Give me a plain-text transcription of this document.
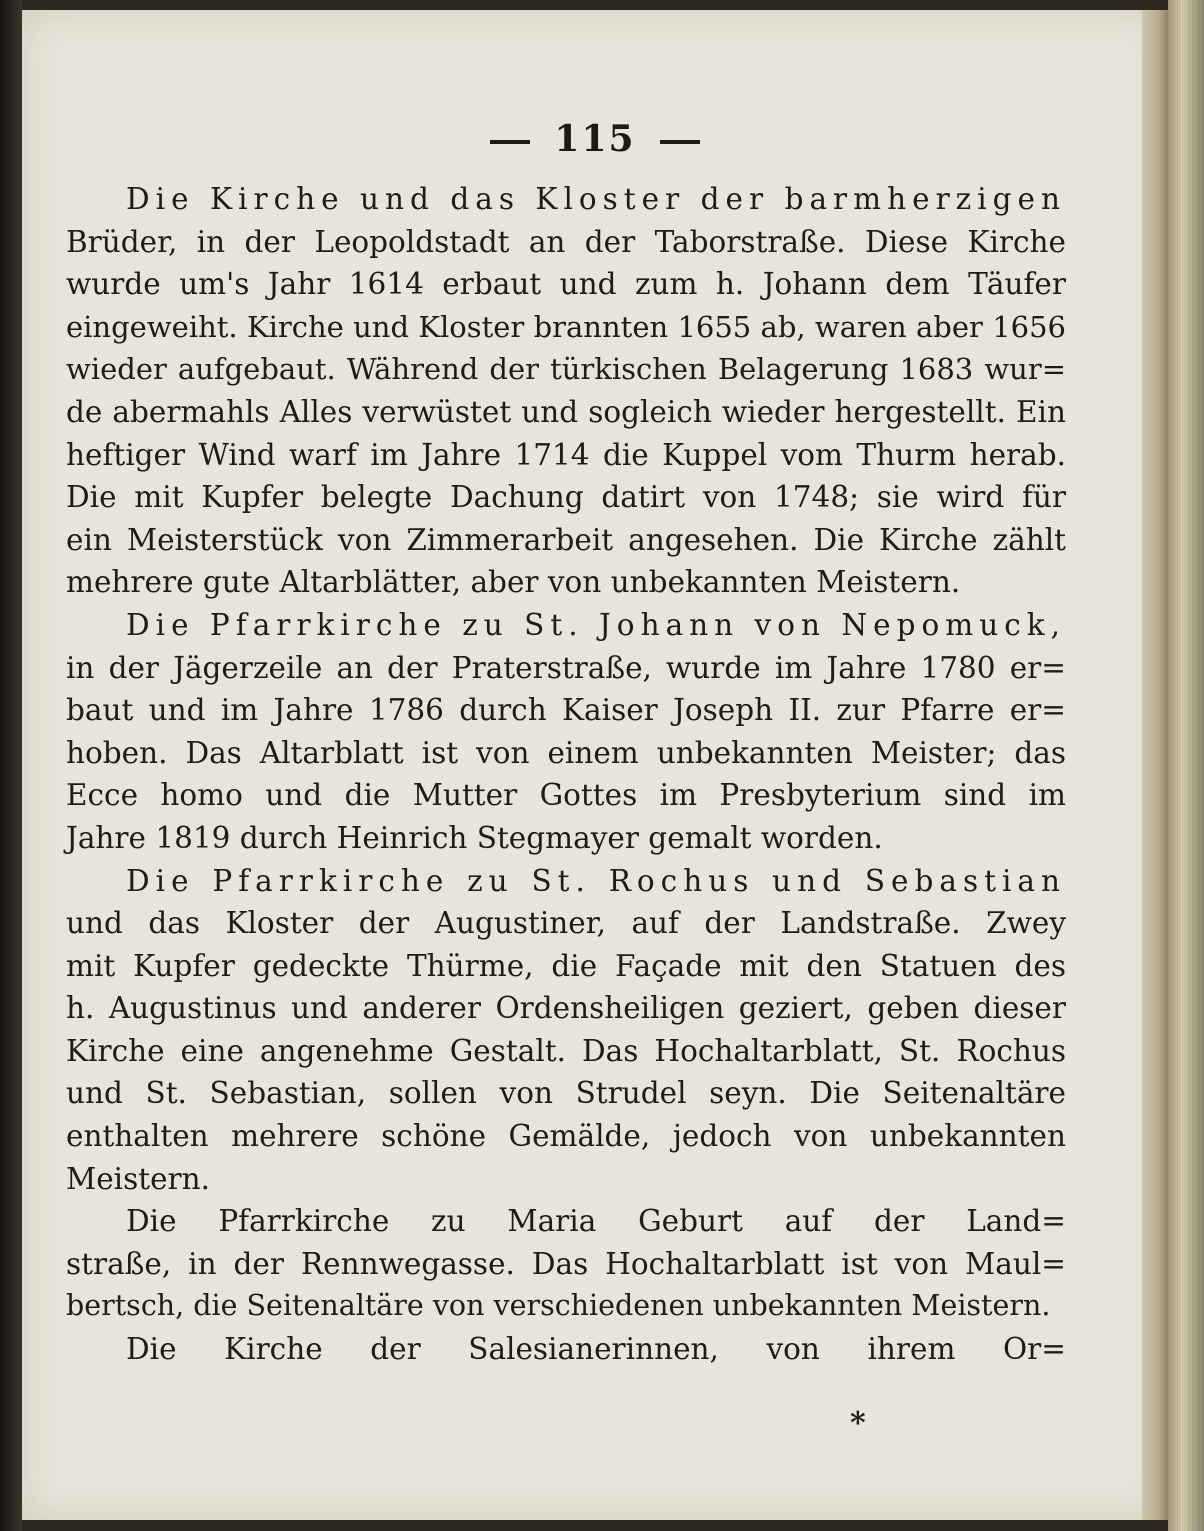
115
Die Kirche und das Kloster der barmherzigen
Brüder, in der Leopoldstadt an der Taborstraße. Diese Kirche
wurde um's Jahr 1614 erbaut und zum h. Johann dem Täufer
eingeweiht. Kirche und Kloster brannten 1655 ab, waren aber 1656
wieder aufgebaut. Während der türkischen Belagerung 1683 wur=
de abermahls Alles verwüstet und sogleich wieder hergestellt. Ein
heftiger Wind warf im Jahre 1714 die Kuppel vom Thurm herab.
Die mit Kupfer belegte Dachung datirt von 1748; sie wird für
ein Meisterstück von Zimmerarbeit angesehen. Die Kirche zählt
mehrere gute Altarblätter, aber von unbekannten Meistern.
Die Pfarrkirche zu St. Johann von Nepomuck,
in der Jägerzeile an der Praterstraße, wurde im Jahre 1780 er=
baut und im Jahre 1786 durch Kaiser Joseph II. zur Pfarre er=
hoben. Das Altarblatt ist von einem unbekannten Meister; das
Ecce homo und die Mutter Gottes im Presbyterium sind im
Jahre 1819 durch Heinrich Stegmayer gemalt worden.
Die Pfarrkirche zu St. Rochus und Sebastian
und das Kloster der Augustiner, auf der Landstraße. Zwey
mit Kupfer gedeckte Thürme, die Façade mit den Statuen des
h. Augustinus und anderer Ordensheiligen geziert, geben dieser
Kirche eine angenehme Gestalt. Das Hochaltarblatt, St. Rochus
und St. Sebastian, sollen von Strudel seyn. Die Seitenaltäre
enthalten mehrere schöne Gemälde, jedoch von unbekannten
Meistern.
Die Pfarrkirche zu Maria Geburt auf der Land=
straße, in der Rennwegasse. Das Hochaltarblatt ist von Maul=
bertsch, die Seitenaltäre von verschiedenen unbekannten Meistern.
Die Kirche der Salesianerinnen, von ihrem Or=
*
